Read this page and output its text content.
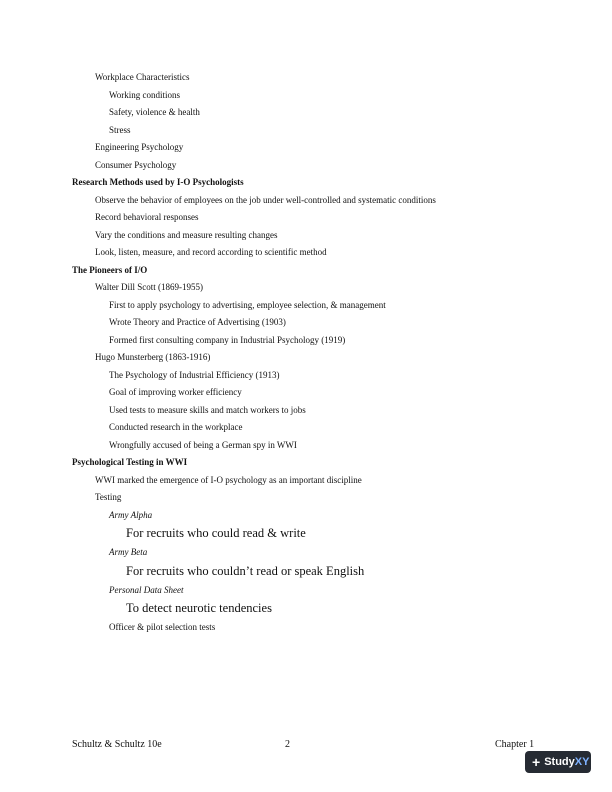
Workplace Characteristics
Working conditions
Safety, violence & health
Stress
Engineering Psychology
Consumer Psychology
Research Methods used by I-O Psychologists
Observe the behavior of employees on the job under well-controlled and systematic conditions
Record behavioral responses
Vary the conditions and measure resulting changes
Look, listen, measure, and record according to scientific method
The Pioneers of I/O
Walter Dill Scott (1869-1955)
First to apply psychology to advertising, employee selection, & management
Wrote Theory and Practice of Advertising (1903)
Formed first consulting company in Industrial Psychology (1919)
Hugo Munsterberg (1863-1916)
The Psychology of Industrial Efficiency (1913)
Goal of improving worker efficiency
Used tests to measure skills and match workers to jobs
Conducted research in the workplace
Wrongfully accused of being a German spy in WWI
Psychological Testing in WWI
WWI marked the emergence of I-O psychology as an important discipline
Testing
Army Alpha
For recruits who could read & write
Army Beta
For recruits who couldn’t read or speak English
Personal Data Sheet
To detect neurotic tendencies
Officer & pilot selection tests
Schultz & Schultz 10e	2	Chapter 1
+ Study XY
